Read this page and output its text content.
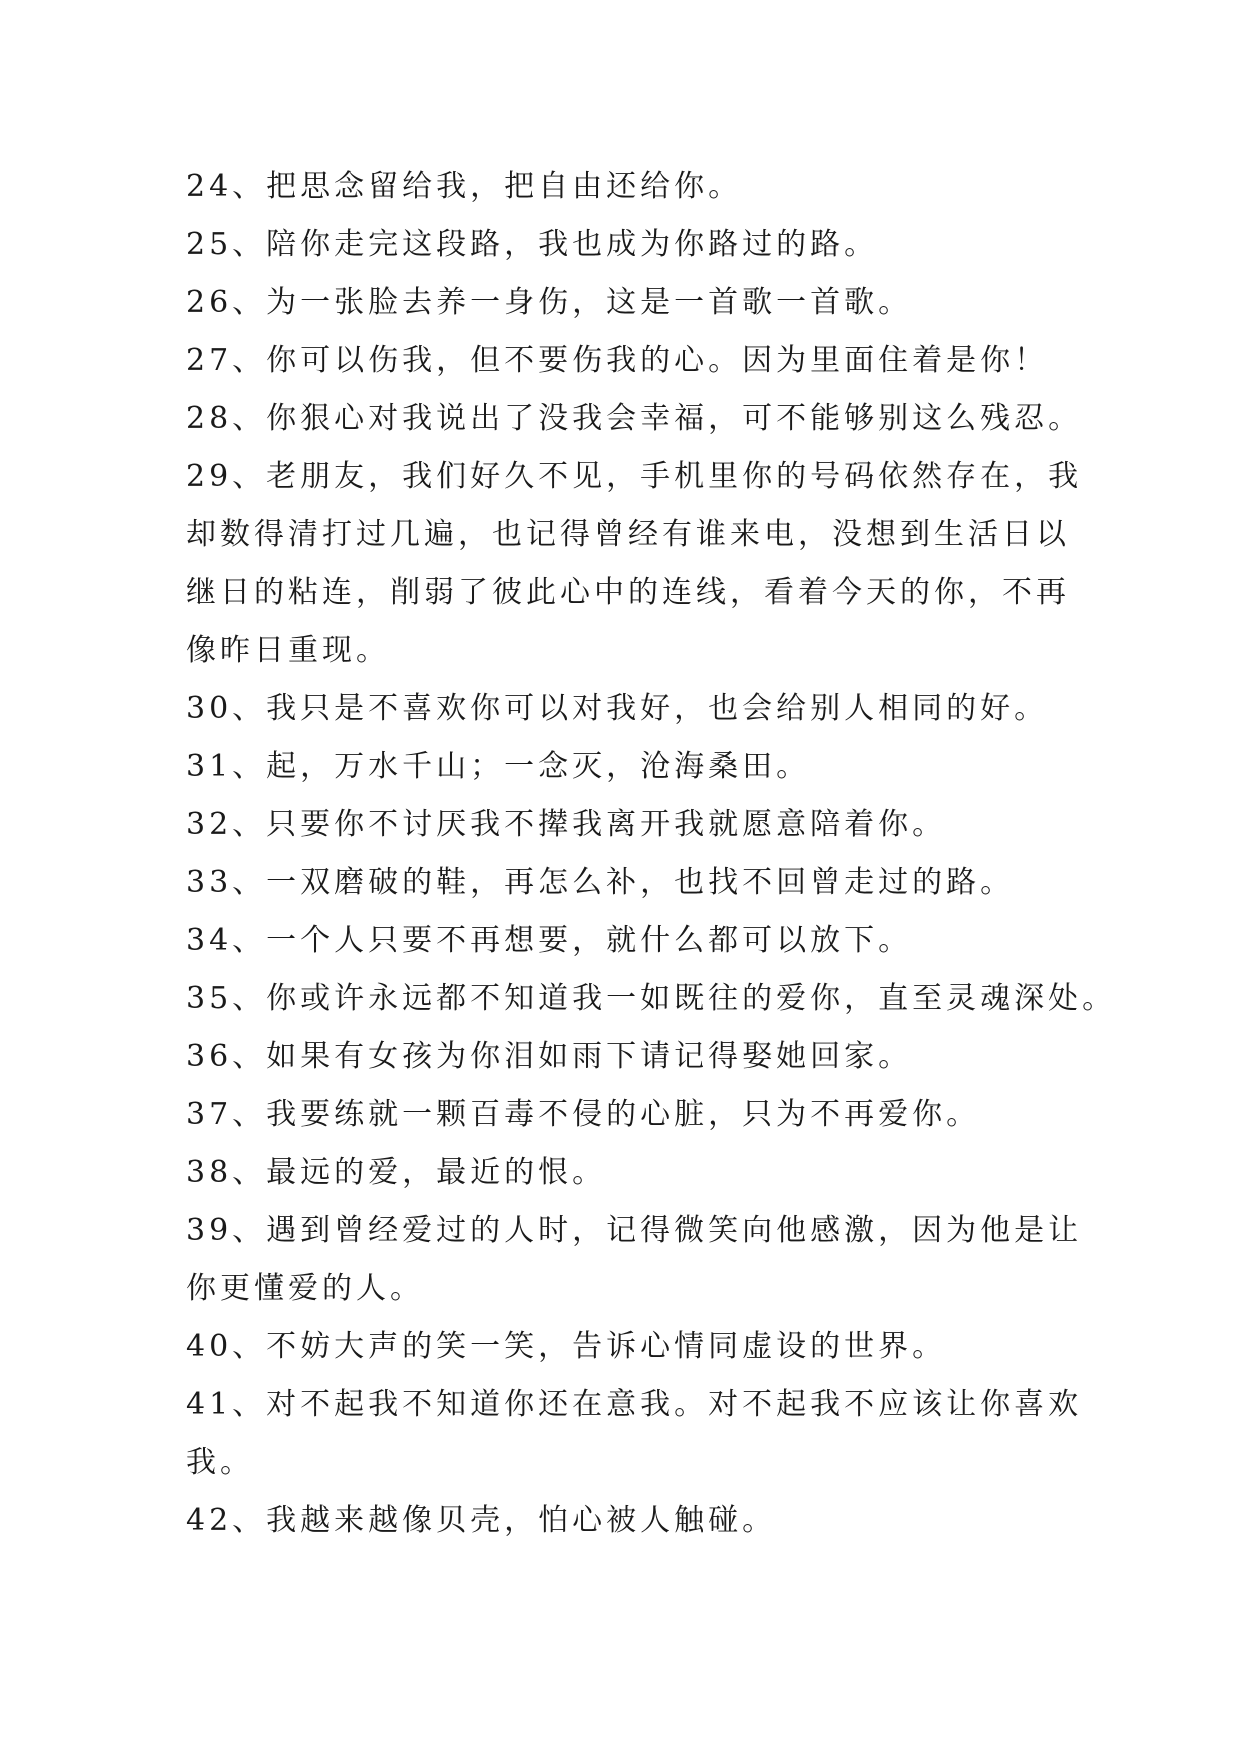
24、把思念留给我，把自由还给你。
25、陪你走完这段路，我也成为你路过的路。
26、为一张脸去养一身伤，这是一首歌一首歌。
27、你可以伤我，但不要伤我的心。因为里面住着是你！
28、你狠心对我说出了没我会幸福，可不能够别这么残忍。
29、老朋友，我们好久不见，手机里你的号码依然存在，我
却数得清打过几遍，也记得曾经有谁来电，没想到生活日以
继日的粘连，削弱了彼此心中的连线，看着今天的你，不再
像昨日重现。
30、我只是不喜欢你可以对我好，也会给别人相同的好。
31、起，万水千山；一念灭，沧海桑田。
32、只要你不讨厌我不撵我离开我就愿意陪着你。
33、一双磨破的鞋，再怎么补，也找不回曾走过的路。
34、一个人只要不再想要，就什么都可以放下。
35、你或许永远都不知道我一如既往的爱你，直至灵魂深处。
36、如果有女孩为你泪如雨下请记得娶她回家。
37、我要练就一颗百毒不侵的心脏，只为不再爱你。
38、最远的爱，最近的恨。
39、遇到曾经爱过的人时，记得微笑向他感激，因为他是让
你更懂爱的人。
40、不妨大声的笑一笑，告诉心情同虚设的世界。
41、对不起我不知道你还在意我。对不起我不应该让你喜欢
我。
42、我越来越像贝壳，怕心被人触碰。
